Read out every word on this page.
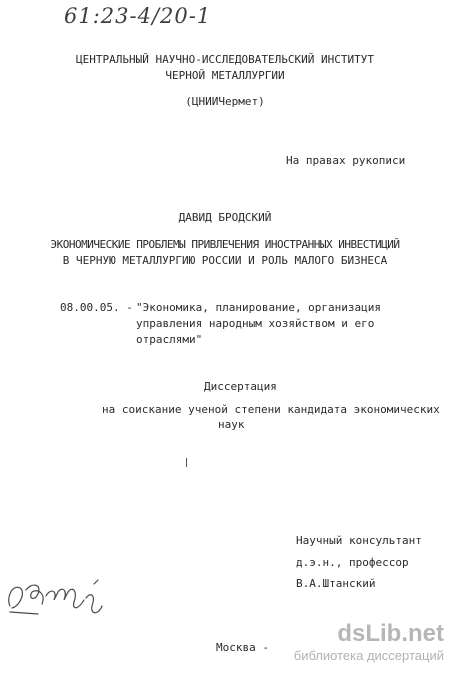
61:23-4/20-1
ЦЕНТРАЛЬНЫЙ НАУЧНО-ИССЛЕДОВАТЕЛЬСКИЙ ИНСТИТУТ
ЧЕРНОЙ МЕТАЛЛУРГИИ
(ЦНИИЧермет)
На правах рукописи
ДАВИД БРОДСКИЙ
ЭКОНОМИЧЕСКИЕ ПРОБЛЕМЫ ПРИВЛЕЧЕНИЯ ИНОСТРАННЫХ ИНВЕСТИЦИЙ
В ЧЕРНУЮ МЕТАЛЛУРГИЮ РОССИИ И РОЛЬ МАЛОГО БИЗНЕСА
08.00.05. - "Экономика, планирование, организация
управления народным хозяйством и его
отраслями"
Диссертация
на соискание ученой степени кандидата экономических
наук
Научный консультант
д.э.н., профессор
В.А.Штанский
Москва -
dsLib.net
библиотека диссертаций
